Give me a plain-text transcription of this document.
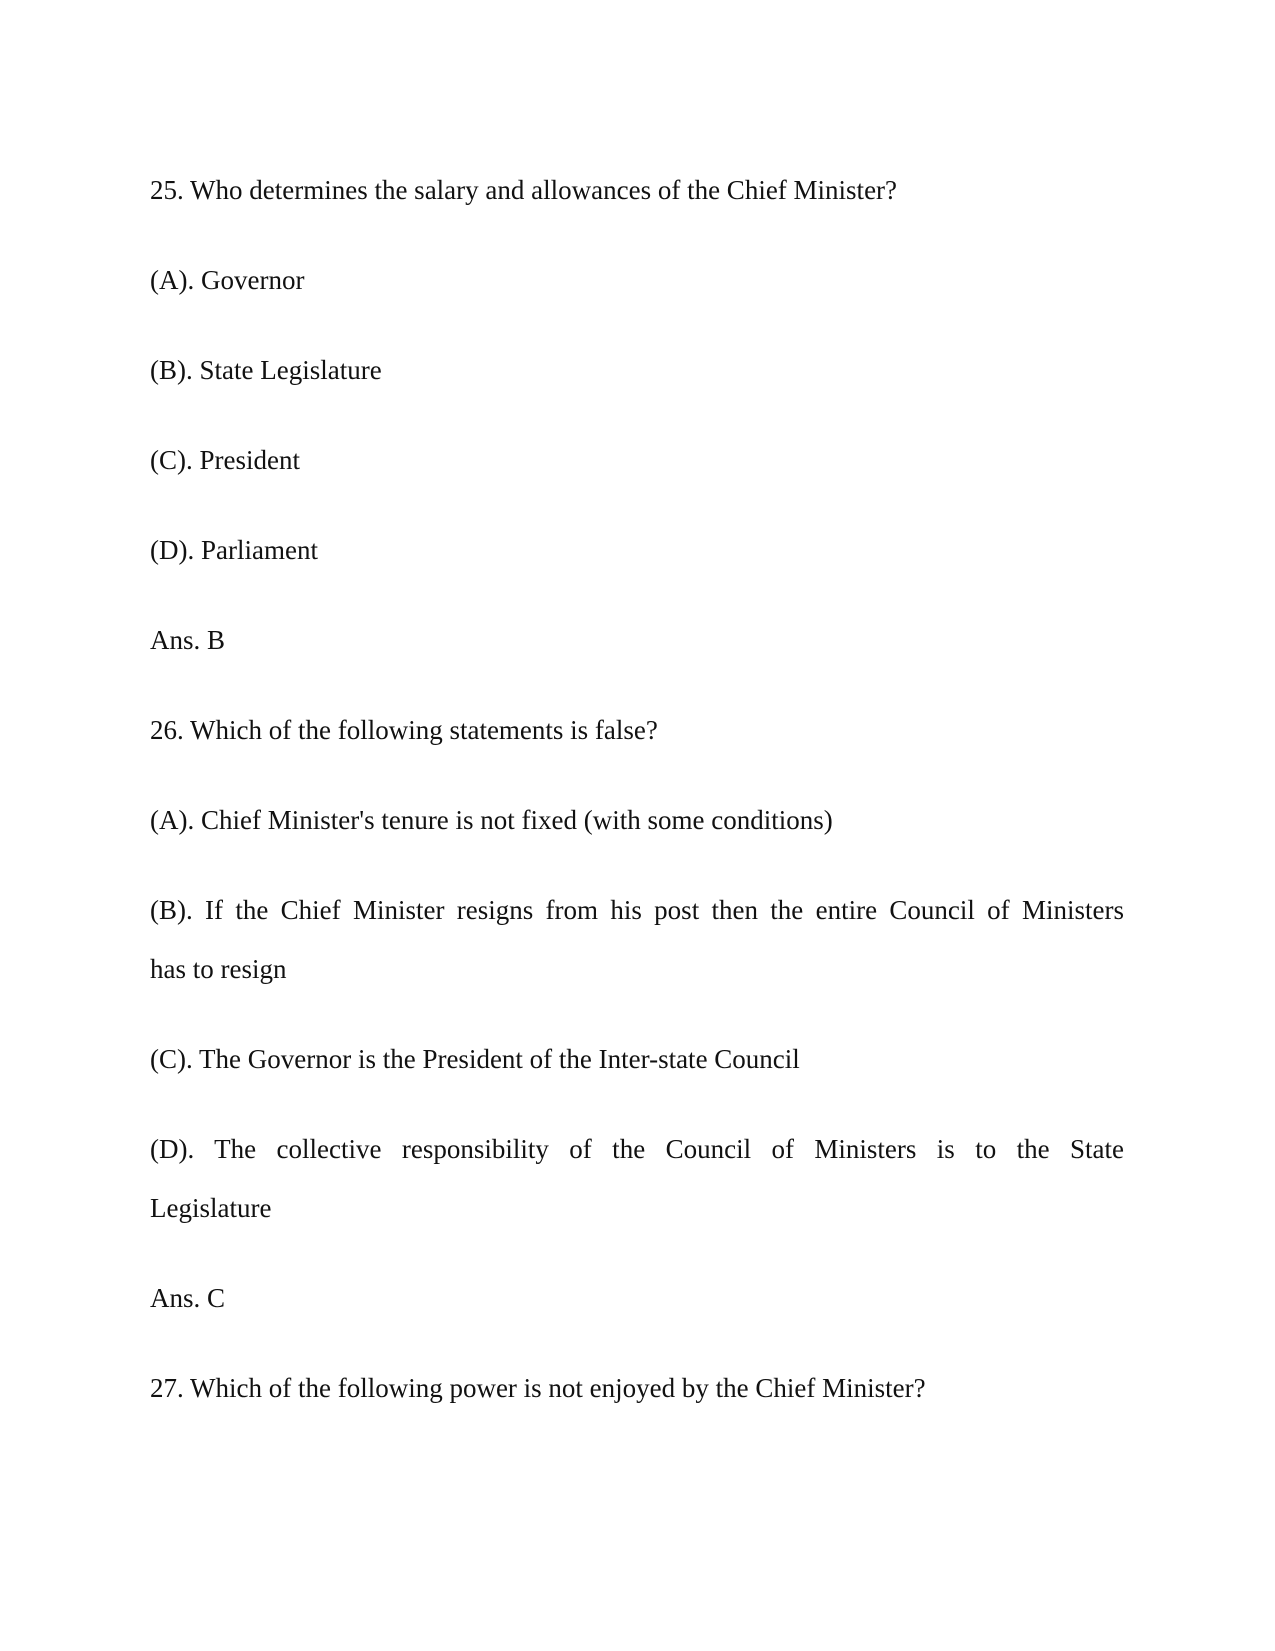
25. Who determines the salary and allowances of the Chief Minister?
(A). Governor
(B). State Legislature
(C). President
(D). Parliament
Ans. B
26. Which of the following statements is false?
(A). Chief Minister's tenure is not fixed (with some conditions)
(B). If the Chief Minister resigns from his post then the entire Council of Ministers
has to resign
(C). The Governor is the President of the Inter-state Council
(D). The collective responsibility of the Council of Ministers is to the State
Legislature
Ans. C
27. Which of the following power is not enjoyed by the Chief Minister?
